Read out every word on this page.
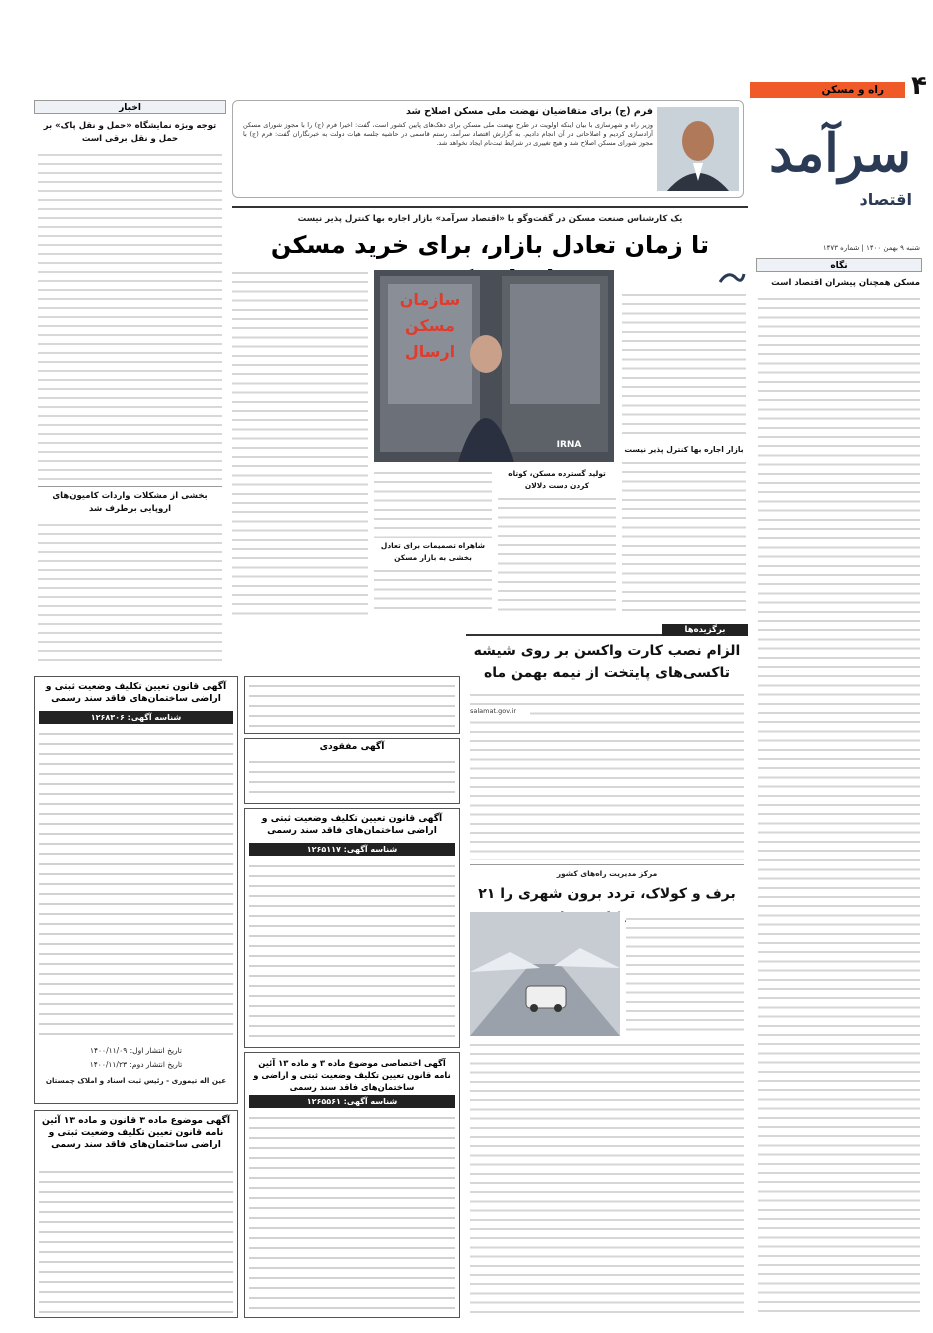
راه و مسکن ۴
سرآمد
اقتصاد
شنبه ۹ بهمن ۱۴۰۰ | شماره ۱۴۷۳
فرم (ج) برای متقاضیان نهضت ملی مسکن اصلاح شد
وزیر راه و شهرسازی با بیان اینکه اولویت در طرح نهضت ملی مسکن برای دهک‌های پایین کشور است، گفت: اخیرا فرم (ج) را با مجوز شورای مسکن آزادسازی کردیم و اصلاحاتی در آن انجام دادیم. به گزارش اقتصاد سرآمد، رستم قاسمی در حاشیه جلسه هیات دولت به خبرنگاران گفت: فرم (ج) با مجوز شورای مسکن اصلاح شد و هیچ تغییری در شرایط ثبت‌نام ایجاد نخواهد شد.
اخبار
توجه ویژه نمایشگاه «حمل و نقل پاک» بر حمل و نقل برقی است
بخشی از مشکلات واردات کامیون‌های اروپایی برطرف شد
نگاه
مسکن همچنان پیشران اقتصاد است
یک کارشناس صنعت مسکن در گفت‌وگو با «اقتصاد سرآمد» بازار اجاره بها کنترل پذیر نیست
تا زمان تعادل بازار، برای خرید مسکن
بازار اجاره بها کنترل پذیر نیست
سازمان
مسکن
ارسال
IRNA
تولید گسترده مسکن، کوتاه کردن دست دلالان
شاهراه تصمیمات برای تعادل بخشی به بازار مسکن
برگزیده‌ها
الزام نصب کارت واکسن بر روی شیشه تاکسی‌های پایتخت از نیمه بهمن ماه
salamat.gov.ir
مرکز مدیریت راه‌های کشور
برف و کولاک، تردد برون شهری را ۲۱
آگهی قانون تعیین تکلیف وضعیت ثبتی و اراضی ساختمان‌های فاقد سند رسمی
شناسه آگهی: ۱۲۶۸۳۰۶
تاریخ انتشار اول: ۱۴۰۰/۱۱/۰۹
تاریخ انتشار دوم: ۱۴۰۰/۱۱/۲۳
عین اله تیموری - رئیس ثبت اسناد و املاک چمستان
آگهی موضوع ماده ۳ قانون و ماده ۱۳ آئین نامه قانون تعیین تکلیف وضعیت ثبتی و اراضی ساختمان‌های فاقد سند رسمی
آگهی مفقودی
آگهی قانون تعیین تکلیف وضعیت ثبتی و اراضی ساختمان‌های فاقد سند رسمی
شناسه آگهی: ۱۲۶۵۱۱۷
آگهی اختصاصی موضوع ماده ۳ و ماده ۱۳ آئین نامه قانون تعیین تکلیف وضعیت ثبتی و اراضی و ساختمان‌های فاقد سند رسمی
شناسه آگهی: ۱۲۶۵۵۶۱
